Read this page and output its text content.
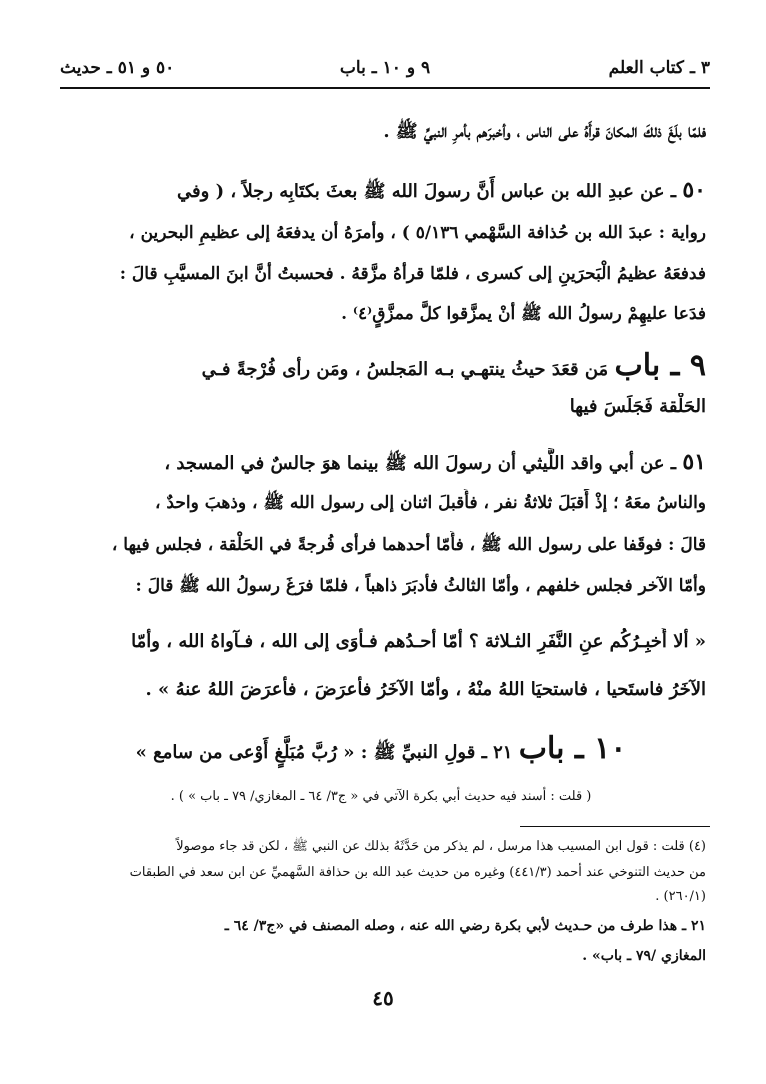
٣ ـ كتاب العلم
٩ و ١٠ ـ باب
٥٠ و ٥١ ـ حديث
فلمّا بلَغَ ذلكَ المكانَ قرأَهُ على الناس ، وأخبرَهم بأمرِ النبيِّ ﷺ .
٥٠ ـ عن عبدِ الله بن عباس أَنَّ رسولَ الله ﷺ بعثَ بكتَابِه رجلاً ، ( وفي
رواية : عبدَ الله بن حُذافة السَّهْمي ٥/١٣٦ ) ، وأمرَهُ أن يدفعَهُ إلى عظيمِ البحرين ،
فدفعَهُ عظيمُ الْبَحرَينِ إلى كسرى ، فلمّا قرأهُ مزَّقهُ . فحسبتُ أنَّ ابنَ المسيَّبِ قالَ :
فدَعا عليهِمْ رسولُ الله ﷺ أنْ يمزَّقوا كلَّ ممزَّقٍ⁽٤⁾ .
٩ ـ باب مَن قعَدَ حيثُ ينتهـي بـه المَجلسُ ، ومَن رأى فُرْجةً فـي
الحَلْقة فَجَلَسَ فيها
٥١ ـ عن أبي واقد اللَّيثي أن رسولَ الله ﷺ بينما هوَ جالسٌ في المسجد ،
والناسُ معَهُ ؛ إذْ أَقبَلَ ثلاثةُ نفر ، فأَقبلَ اثنان إلى رسول الله ﷺ ، وذهبَ واحدٌ ،
قالَ : فوقَفا على رسول الله ﷺ ، فأَمّا أحدهما فرأى فُرجةً في الحَلْقة ، فجلس فيها ،
وأمّا الآخر فجلس خلفهم ، وأمّا الثالثُ فأدبَرَ ذاهباً ، فلمّا فرَغَ رسولُ الله ﷺ قالَ :
« ألا أُخبِـرُكُم عنِ النَّفَرِ الثـلاثة ؟ أمّا أحـدُهم فـأوَى إلى الله ، فـآواهُ الله ، وأمّا
الآخَرُ فاستَحيا ، فاستحيَا اللهُ منْهُ ، وأمّا الآخَرُ فأَعرَضَ ، فأَعرَضَ اللهُ عنهُ » .
١٠ ـ باب ٢١ ـ قولِ النبيِّ ﷺ : « رُبَّ مُبَلَّغٍ أَوْعى من سامع »
( قلت : أسند فيه حديث أبي بكرة الآتي في « ج٣/ ٦٤ ـ المغازي/ ٧٩ ـ باب » ) .
(٤) قلت : قول ابن المسيب هذا مرسل ، لم يذكر من حَدَّثَهُ بذلك عن النبي ﷺ ، لكن قد جاء موصولاً
من حديث التنوخي عند أحمد (٤٤١/٣) وغيره من حديث عبد الله بن حذافة السَّهميِّ عن ابن سعد في الطبقات
(٢٦٠/١) .
٢١ ـ هذا طرف من حـديث لأبي بكرة رضي الله عنه ، وصله المصنف في «ج٣/ ٦٤ ـ
المغازي /٧٩ ـ باب» .
٤٥
